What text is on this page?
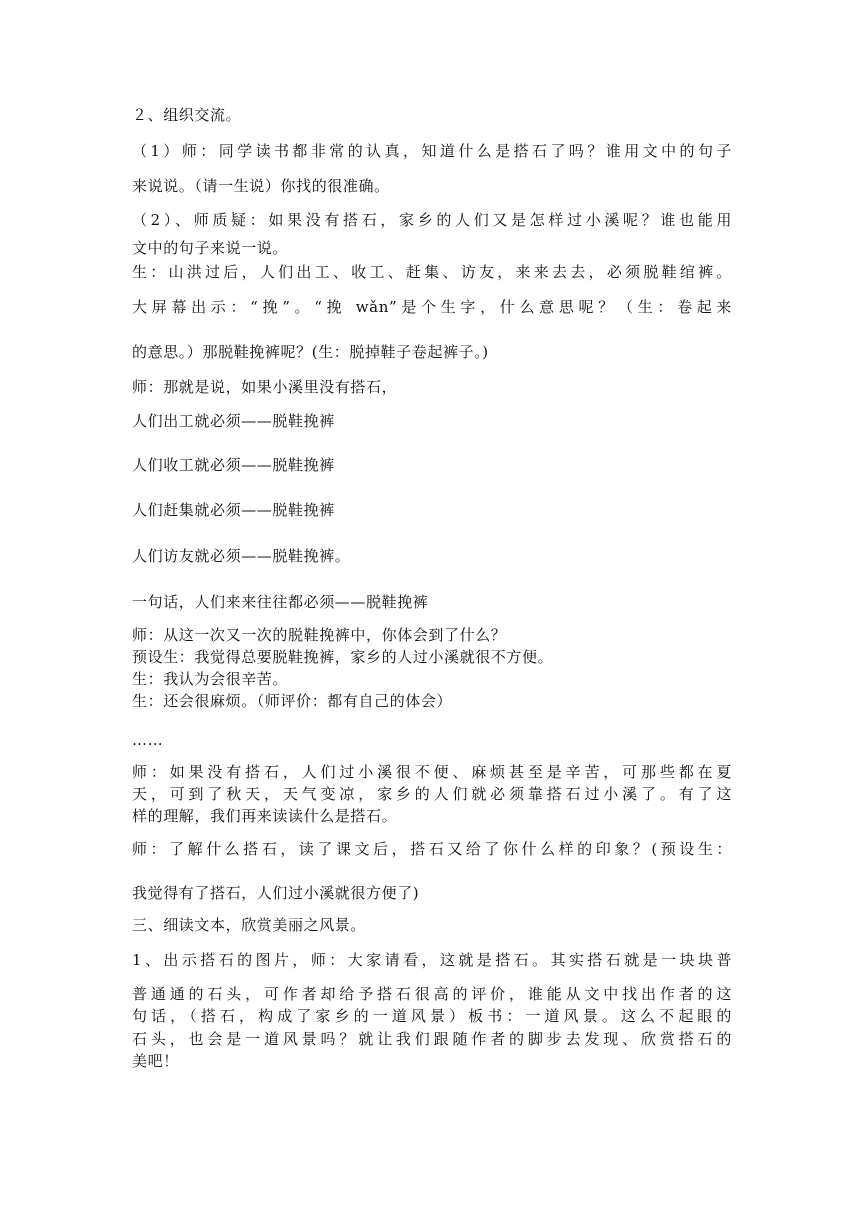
２、组织交流。
（1）师：同学读书都非常的认真，知道什么是搭石了吗？谁用文中的句子
来说说。（请一生说）你找的很准确。
（2）、师质疑：如果没有搭石，家乡的人们又是怎样过小溪呢？谁也能用
文中的句子来说一说。
生：山洪过后，人们出工、收工、赶集、访友，来来去去，必须脱鞋绾裤。
大屏幕出示：“挽”。“挽 wǎn”是个生字，什么意思呢？（生：卷起来
的意思。）那脱鞋挽裤呢？(生：脱掉鞋子卷起裤子。)
师：那就是说，如果小溪里没有搭石，
人们出工就必须——脱鞋挽裤
人们收工就必须——脱鞋挽裤
人们赶集就必须——脱鞋挽裤
人们访友就必须——脱鞋挽裤。
一句话，人们来来往往都必须——脱鞋挽裤
师：从这一次又一次的脱鞋挽裤中，你体会到了什么？
预设生：我觉得总要脱鞋挽裤，家乡的人过小溪就很不方便。
生：我认为会很辛苦。
生：还会很麻烦。（师评价：都有自己的体会）
……
师：如果没有搭石，人们过小溪很不便、麻烦甚至是辛苦，可那些都在夏
天，可到了秋天，天气变凉，家乡的人们就必须靠搭石过小溪了。有了这
样的理解，我们再来读读什么是搭石。
师：了解什么搭石，读了课文后，搭石又给了你什么样的印象？(预设生：
我觉得有了搭石，人们过小溪就很方便了)
三、细读文本，欣赏美丽之风景。
1、出示搭石的图片，师：大家请看，这就是搭石。其实搭石就是一块块普
普通通的石头，可作者却给予搭石很高的评价，谁能从文中找出作者的这
句话，（搭石，构成了家乡的一道风景）板书：一道风景。这么不起眼的
石头，也会是一道风景吗？就让我们跟随作者的脚步去发现、欣赏搭石的
美吧！
